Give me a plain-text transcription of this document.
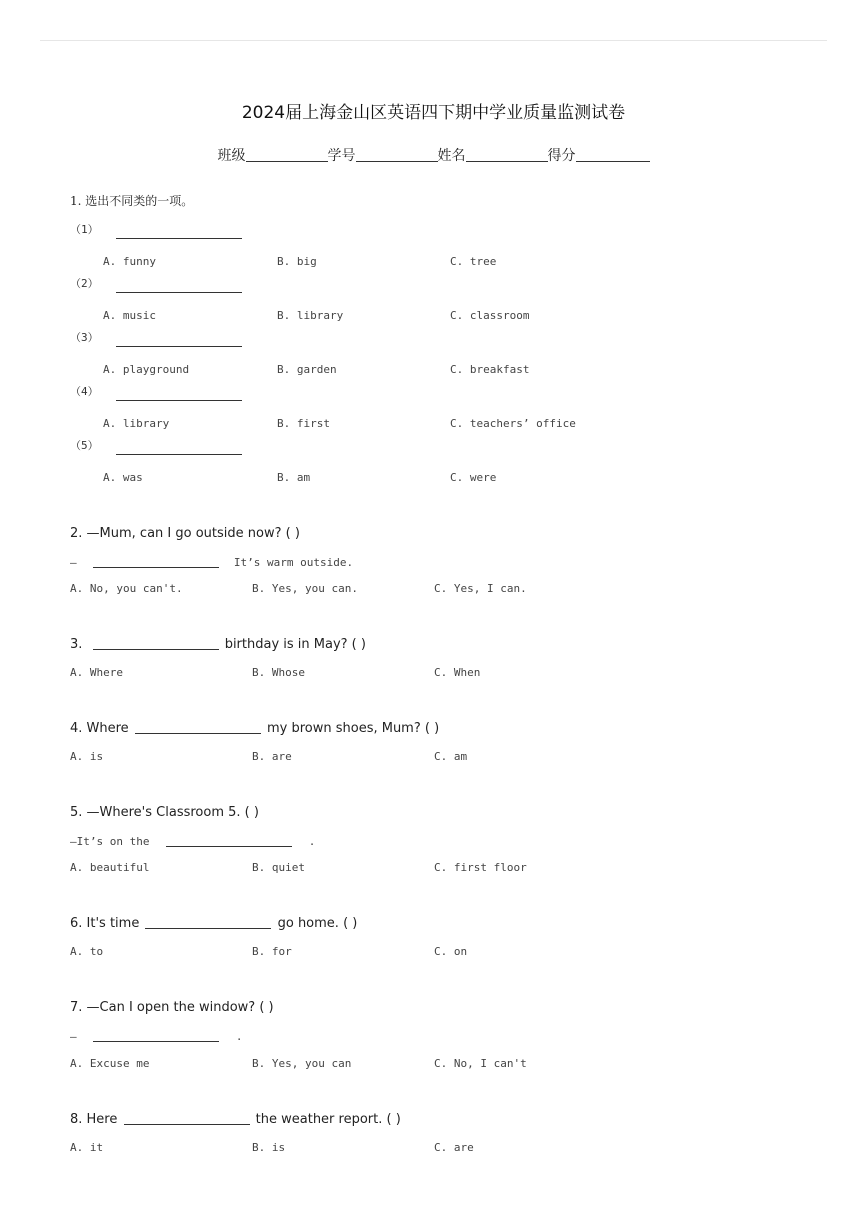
2024届上海金山区英语四下期中学业质量监测试卷
班级	学号	姓名	得分
1. 选出不同类的一项。
（1）
A. funny	B. big	C. tree
（2）
A. music	B. library	C. classroom
（3）
A. playground	B. garden	C. breakfast
（4）
A. library	B. first	C. teachers’ office
（5）
A. was	B. am	C. were
2. —Mum, can I go outside now? ( )
—	It’s warm outside.
A. No, you can't.	B. Yes, you can.	C. Yes, I can.
3.	birthday is in May? ( )
A. Where	B. Whose	C. When
4. Where	my brown shoes, Mum? ( )
A. is	B. are	C. am
5. —Where's Classroom 5. ( )
—It’s on the	.
A. beautiful	B. quiet	C. first floor
6. It's time	go home. ( )
A. to	B. for	C. on
7. —Can I open the window? ( )
—	.
A. Excuse me	B. Yes, you can	C. No, I can't
8. Here	the weather report. ( )
A. it	B. is	C. are
